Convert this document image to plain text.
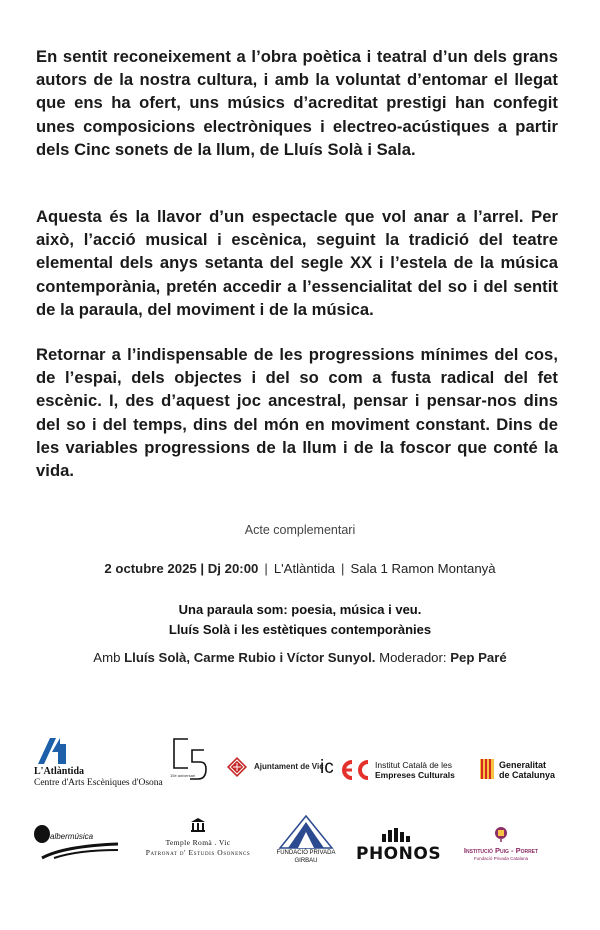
En sentit reconeixement a l’obra poètica i teatral d’un dels grans autors de la nostra cultura, i amb la voluntat d’entomar el llegat que ens ha ofert, uns músics d’acreditat prestigi han confegit unes composicions electròniques i electreo-acústiques a partir dels Cinc sonets de la llum, de Lluís Solà i Sala.

Aquesta és la llavor d’un espectacle que vol anar a l’arrel. Per això, l’acció musical i escènica, seguint la tradició del teatre elemental dels anys setanta del segle XX i l’estela de la música contemporània, pretén accedir a l’essencialitat del so i del sentit de la paraula, del moviment i de la música.

Retornar a l’indispensable de les progressions mínimes del cos, de l’espai, dels objectes i del so com a fusta radical del fet escènic. I, des d’aquest joc ancestral, pensar i pensar-nos dins del so i del temps, dins del món en moviment constant. Dins de les variables progressions de la llum i de la foscor que conté la vida.

Acte complementari
2 octubre 2025 | Dj 20:00 | L'Atlàntida | Sala 1 Ramon Montanyà
Una paraula som: poesia, música i veu.
Lluís Solà i les estètiques contemporànies
Amb Lluís Solà, Carme Rubio i Víctor Sunyol. Moderador: Pep Paré
L'Atlàntida
Centre d'Arts Escèniques d'Osona
15è aniversari
Ajuntament de Vic
ic	Institut Català de les
Empreses Culturals
Generalitat
de Catalunya
albermúsica
Temple Romà . Vic
Patronat d' Estudis Osonencs	FUNDACIÓ PRIVADA
GIRBAU	PHONOS	Institució Puig - Porret
Fundació Privada Catalana
